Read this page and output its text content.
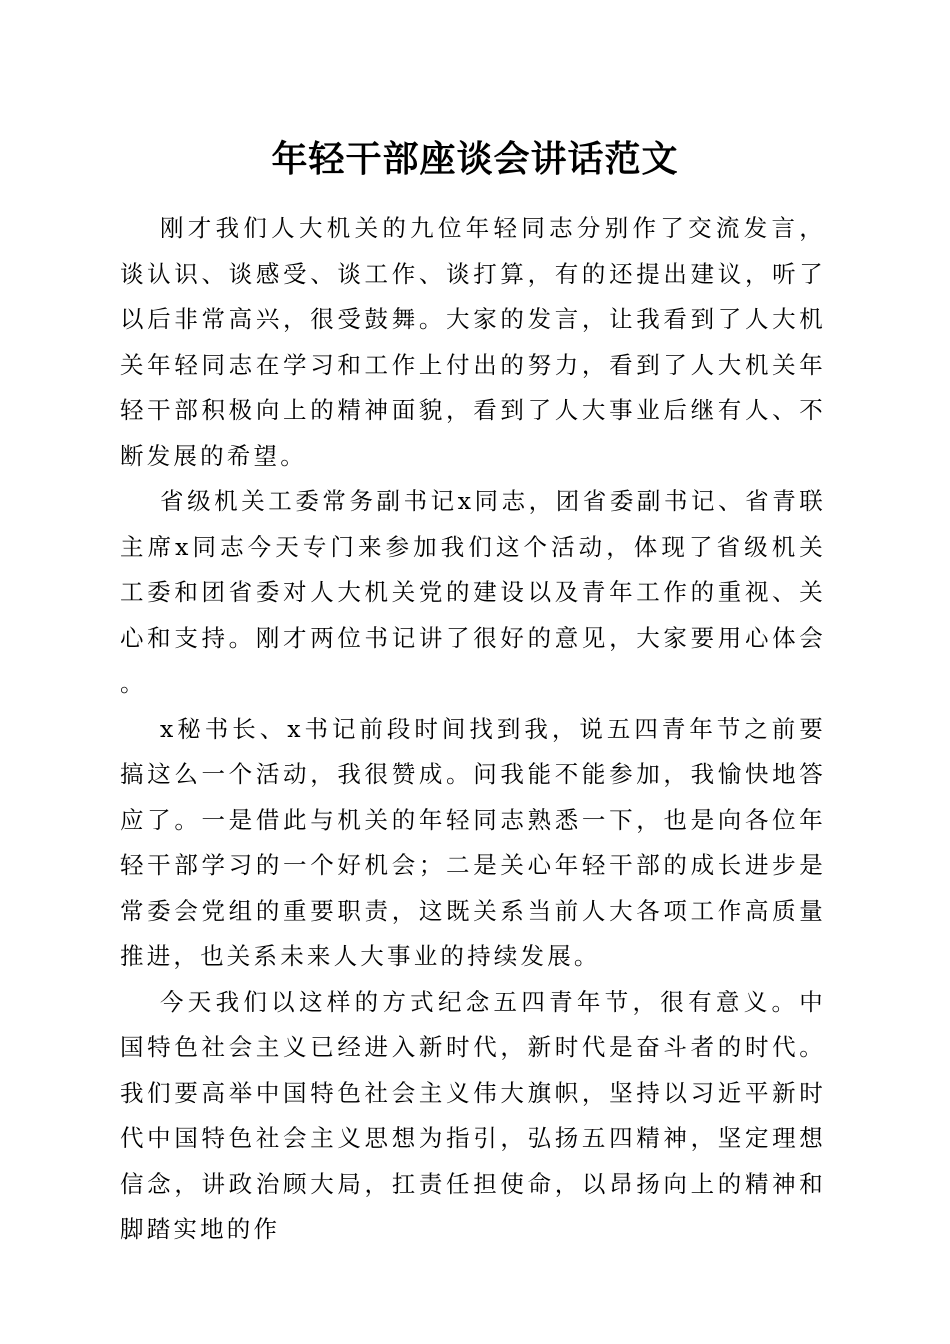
年轻干部座谈会讲话范文

刚才我们人大机关的九位年轻同志分别作了交流发言，谈认识、谈感受、谈工作、谈打算，有的还提出建议，听了以后非常高兴，很受鼓舞。大家的发言，让我看到了人大机关年轻同志在学习和工作上付出的努力，看到了人大机关年轻干部积极向上的精神面貌，看到了人大事业后继有人、不断发展的希望。

省级机关工委常务副书记x同志，团省委副书记、省青联主席x同志今天专门来参加我们这个活动，体现了省级机关工委和团省委对人大机关党的建设以及青年工作的重视、关心和支持。刚才两位书记讲了很好的意见，大家要用心体会。

x秘书长、x书记前段时间找到我，说五四青年节之前要搞这么一个活动，我很赞成。问我能不能参加，我愉快地答应了。一是借此与机关的年轻同志熟悉一下，也是向各位年轻干部学习的一个好机会；二是关心年轻干部的成长进步是常委会党组的重要职责，这既关系当前人大各项工作高质量推进，也关系未来人大事业的持续发展。

今天我们以这样的方式纪念五四青年节，很有意义。中国特色社会主义已经进入新时代，新时代是奋斗者的时代。我们要高举中国特色社会主义伟大旗帜，坚持以习近平新时代中国特色社会主义思想为指引，弘扬五四精神，坚定理想信念，讲政治顾大局，扛责任担使命，以昂扬向上的精神和脚踏实地的作
